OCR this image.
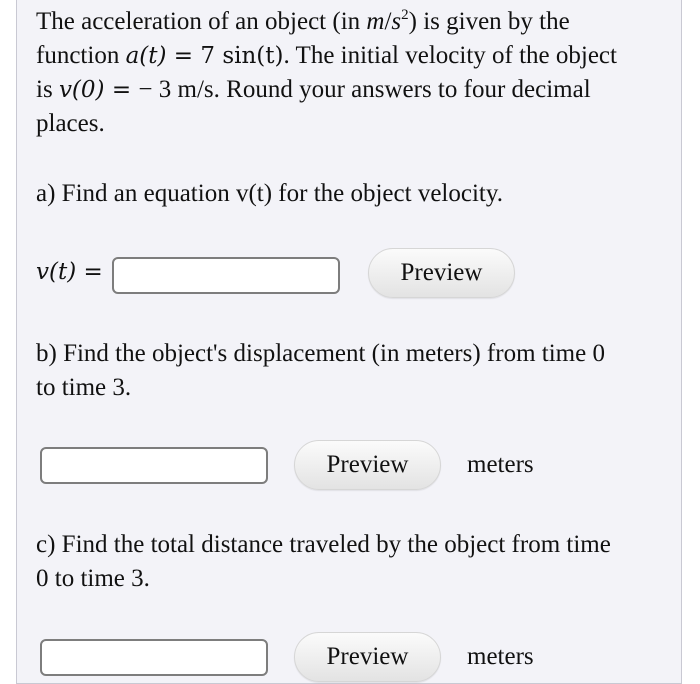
The acceleration of an object (in $m/s^2$) is given by the
function a(t) = 7 sin(t). The initial velocity of the object
is v(0) = − 3 m/s. Round your answers to four decimal
places.
a) Find an equation v(t) for the object velocity.
v(t) =	Preview
b) Find the object's displacement (in meters) from time 0
to time 3.
Preview	meters
c) Find the total distance traveled by the object from time
0 to time 3.
Preview	meters
